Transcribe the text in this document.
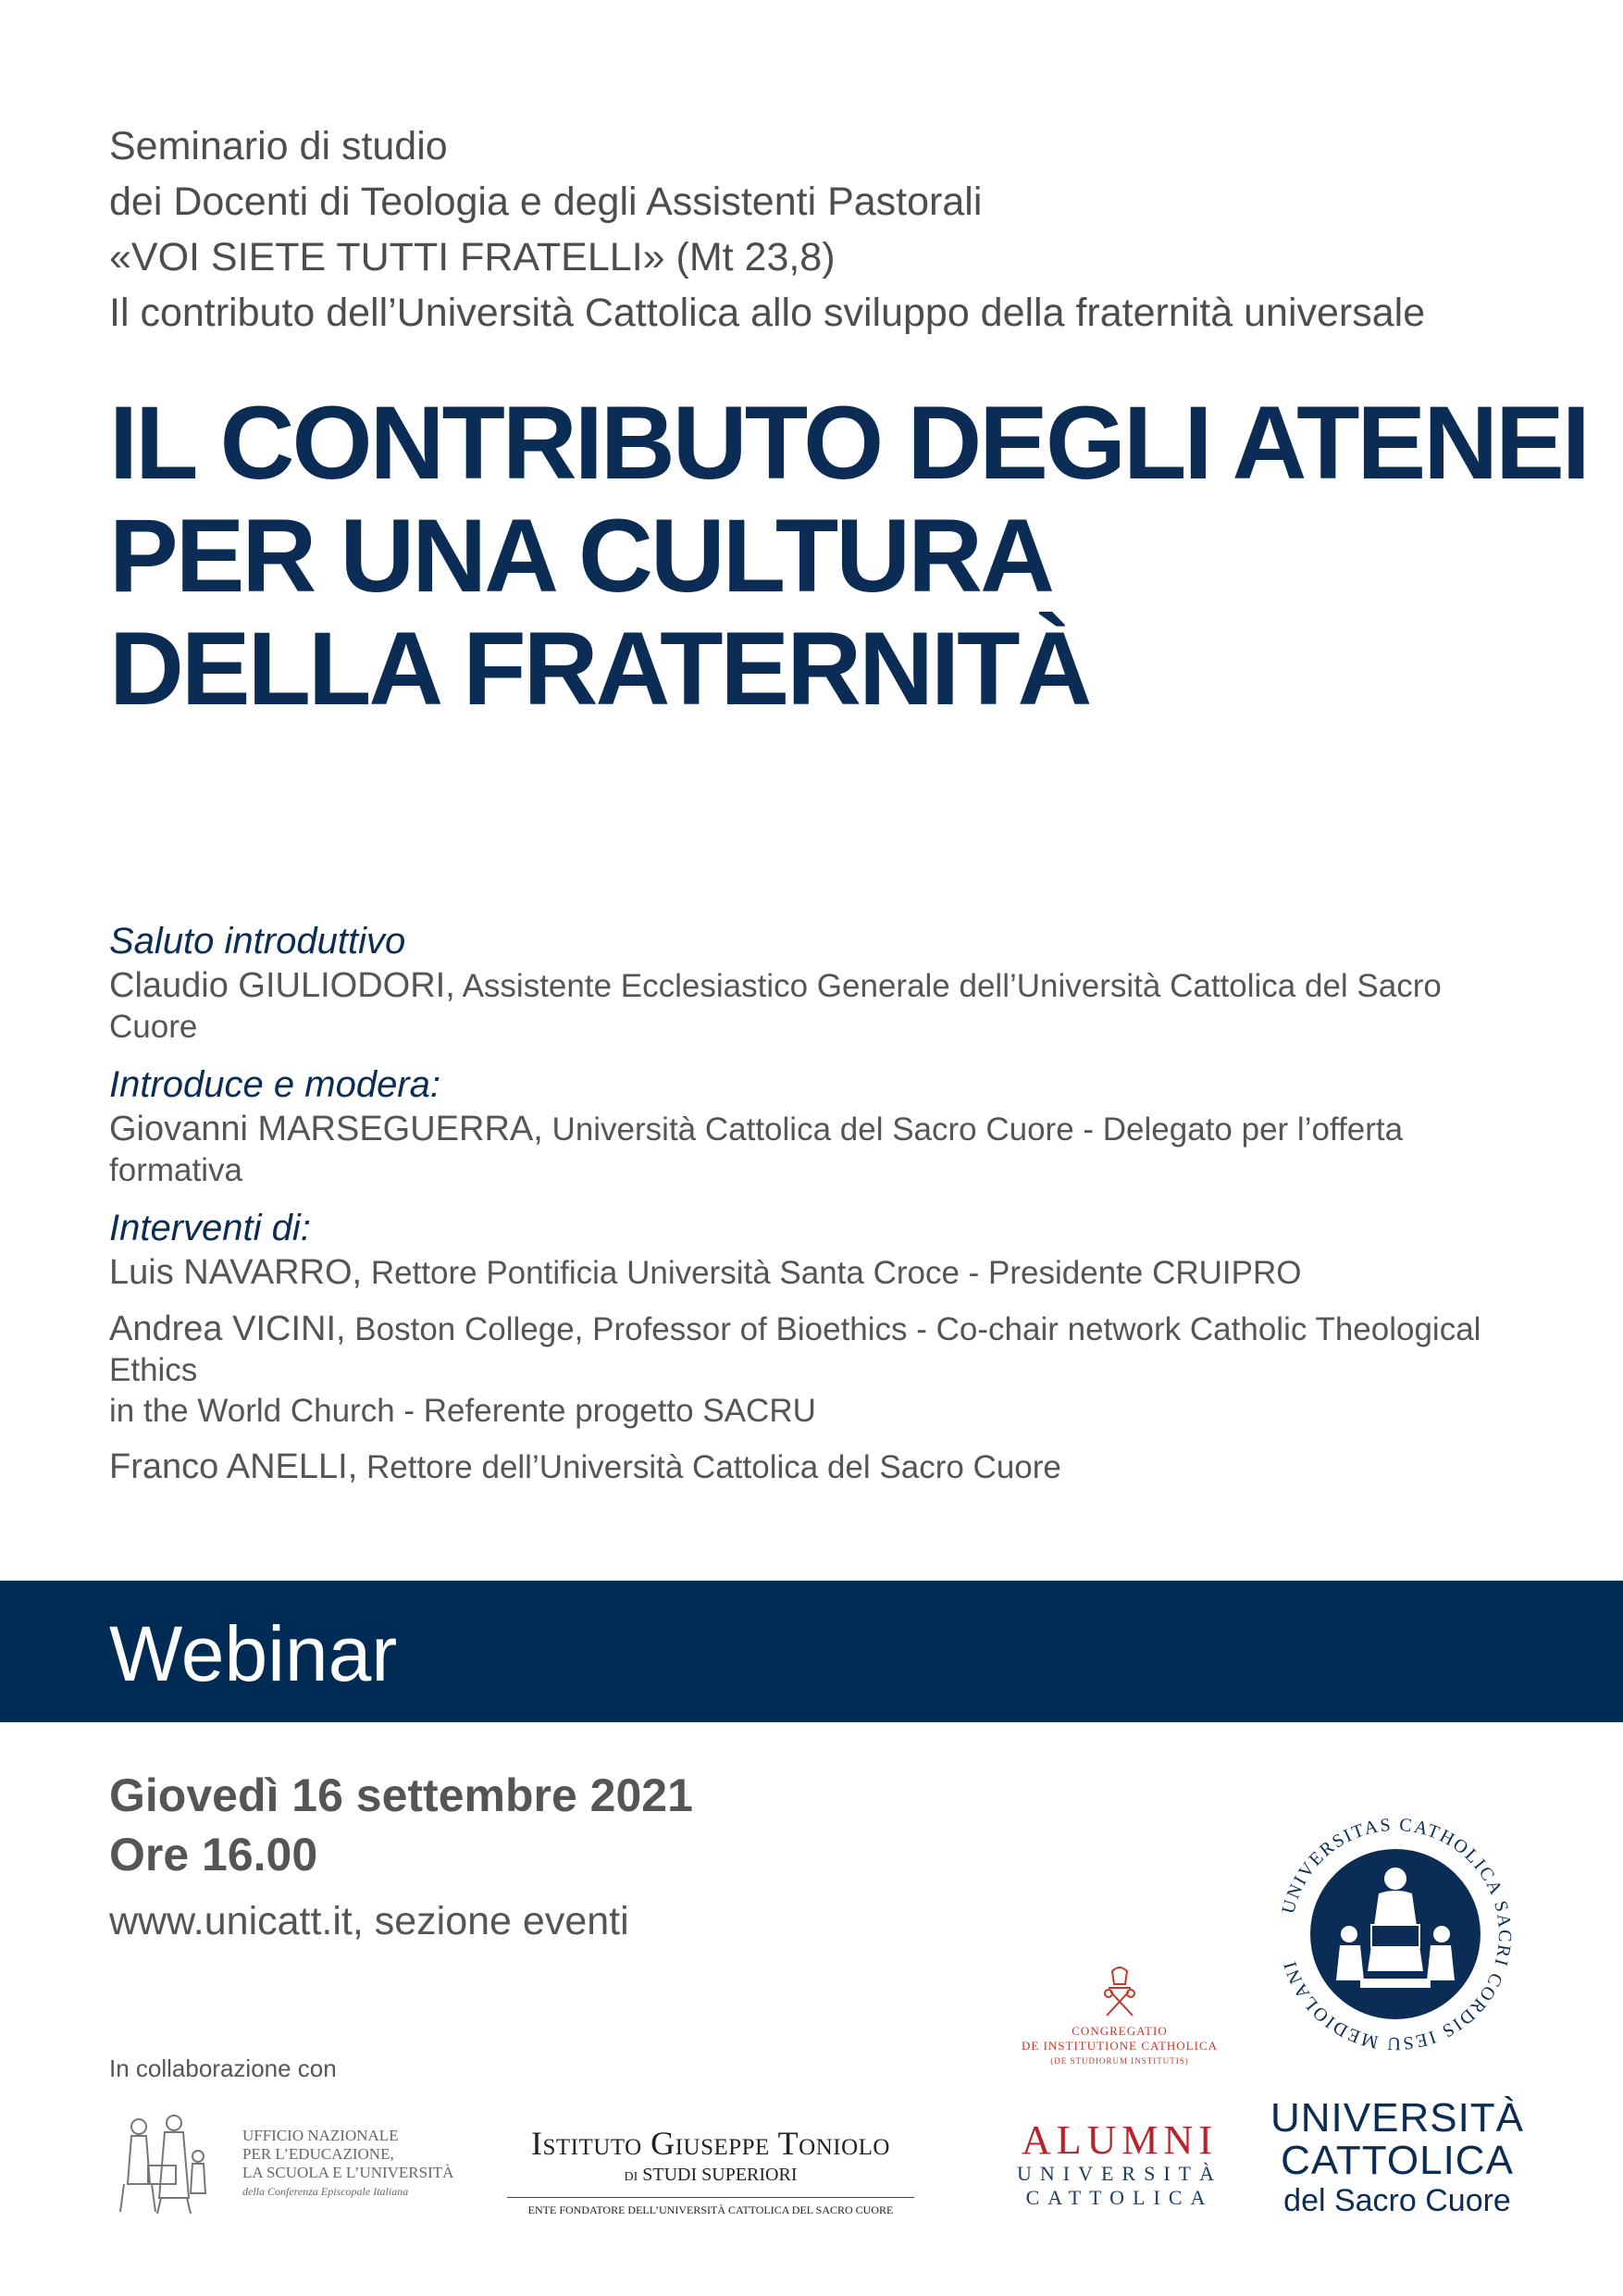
Seminario di studio
dei Docenti di Teologia e degli Assistenti Pastorali
«VOI SIETE TUTTI FRATELLI» (Mt 23,8)
Il contributo dell’Università Cattolica allo sviluppo della fraternità universale
IL CONTRIBUTO DEGLI ATENEI
PER UNA CULTURA
DELLA FRATERNITÀ
Saluto introduttivo
Claudio GIULIODORI, Assistente Ecclesiastico Generale dell’Università Cattolica del Sacro Cuore
Introduce e modera:
Giovanni MARSEGUERRA, Università Cattolica del Sacro Cuore - Delegato per l’offerta formativa
Interventi di:
Luis NAVARRO, Rettore Pontificia Università Santa Croce - Presidente CRUIPRO
Andrea VICINI, Boston College, Professor of Bioethics - Co-chair network Catholic Theological Ethics
in the World Church - Referente progetto SACRU
Franco ANELLI, Rettore dell’Università Cattolica del Sacro Cuore
Webinar
Giovedì 16 settembre 2021
Ore 16.00
www.unicatt.it, sezione eventi
In collaborazione con
UFFICIO NAZIONALE
PER L’EDUCAZIONE,
LA SCUOLA E L’UNIVERSITÀ
della Conferenza Episcopale Italiana
Istituto Giuseppe Toniolo
di STUDI SUPERIORI
ENTE FONDATORE DELL’UNIVERSITÀ CATTOLICA DEL SACRO CUORE
CONGREGATIO
DE INSTITUTIONE CATHOLICA
(DE STUDIORUM INSTITUTIS)
ALUMNI
UNIVERSITÀ
CATTOLICA
UNIVERSITAS CATHOLICA SACRI CORDIS IESU MEDIOLANI
UNIVERSITÀ
CATTOLICA
del Sacro Cuore
